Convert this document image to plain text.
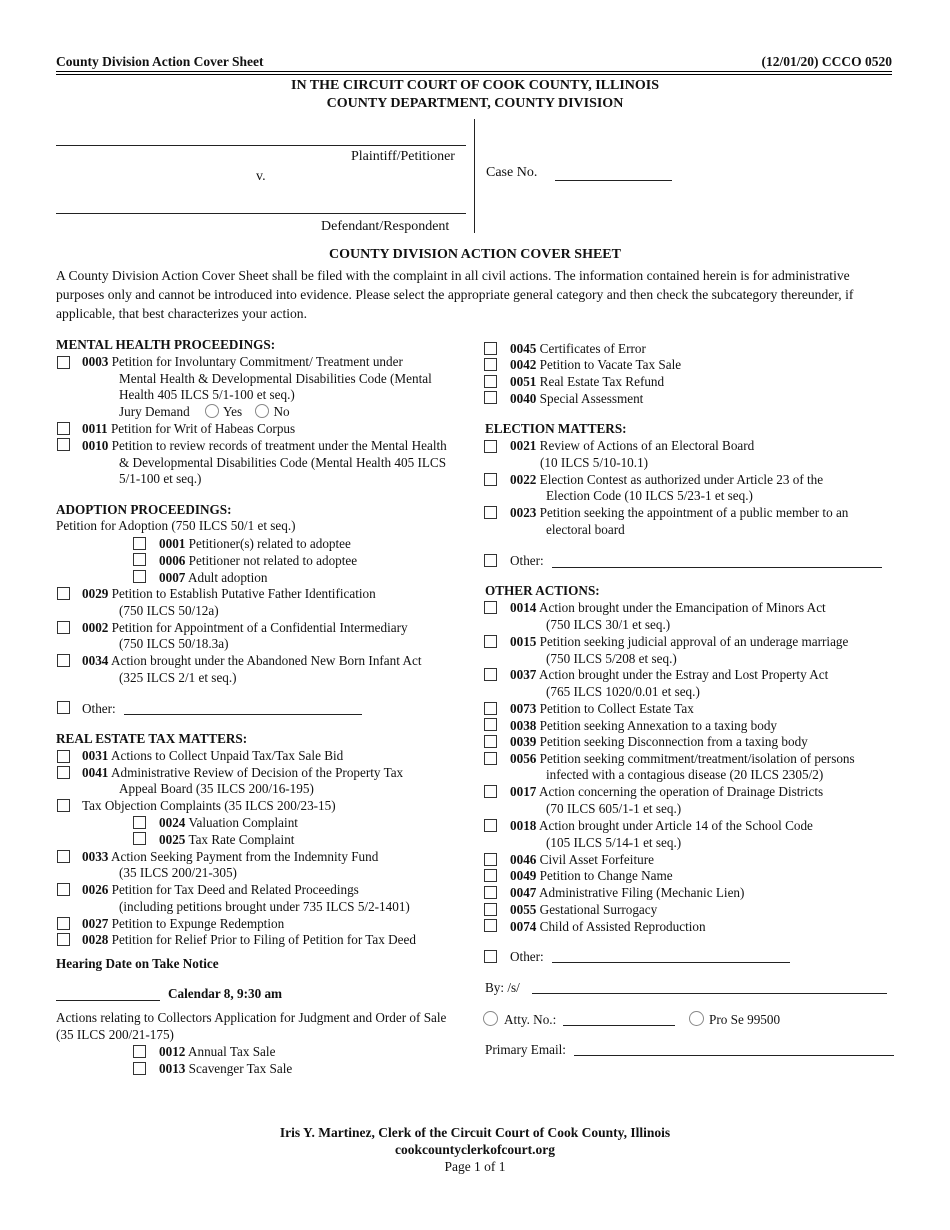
County Division Action Cover Sheet	(12/01/20) CCCO 0520
IN THE CIRCUIT COURT OF COOK COUNTY, ILLINOIS
COUNTY DEPARTMENT, COUNTY DIVISION
Plaintiff/Petitioner
v.
Defendant/Respondent
Case No.
COUNTY DIVISION ACTION COVER SHEET
A County Division Action Cover Sheet shall be filed with the complaint in all civil actions. The information contained herein is for administrative purposes only and cannot be introduced into evidence. Please select the appropriate general category and then check the subcategory thereunder, if applicable, that best characterizes your action.
MENTAL HEALTH PROCEEDINGS:
0003 Petition for Involuntary Commitment/ Treatment under
Mental Health & Developmental Disabilities Code (Mental
Health 405 ILCS 5/1-100 et seq.)
Jury Demand	Yes No
0011 Petition for Writ of Habeas Corpus
0010 Petition to review records of treatment under the Mental Health
& Developmental Disabilities Code (Mental Health 405 ILCS
5/1-100 et seq.)
ADOPTION PROCEEDINGS:
Petition for Adoption (750 ILCS 50/1 et seq.)
0001 Petitioner(s) related to adoptee
0006 Petitioner not related to adoptee
0007 Adult adoption
0029 Petition to Establish Putative Father Identification
(750 ILCS 50/12a)
0002 Petition for Appointment of a Confidential Intermediary
(750 ILCS 50/18.3a)
0034 Action brought under the Abandoned New Born Infant Act
(325 ILCS 2/1 et seq.)
Other:
REAL ESTATE TAX MATTERS:
0031 Actions to Collect Unpaid Tax/Tax Sale Bid
0041 Administrative Review of Decision of the Property Tax
Appeal Board (35 ILCS 200/16-195)
Tax Objection Complaints (35 ILCS 200/23-15)
0024 Valuation Complaint
0025 Tax Rate Complaint
0033 Action Seeking Payment from the Indemnity Fund
(35 ILCS 200/21-305)
0026 Petition for Tax Deed and Related Proceedings
(including petitions brought under 735 ILCS 5/2-1401)
0027 Petition to Expunge Redemption
0028 Petition for Relief Prior to Filing of Petition for Tax Deed
Hearing Date on Take Notice
Calendar 8, 9:30 am
Actions relating to Collectors Application for Judgment and Order of Sale
(35 ILCS 200/21-175)
0012 Annual Tax Sale
0013 Scavenger Tax Sale
0045 Certificates of Error
0042 Petition to Vacate Tax Sale
0051 Real Estate Tax Refund
0040 Special Assessment
ELECTION MATTERS:
0021 Review of Actions of an Electoral Board
(10 ILCS 5/10-10.1)
0022 Election Contest as authorized under Article 23 of the
Election Code (10 ILCS 5/23-1 et seq.)
0023 Petition seeking the appointment of a public member to an
electoral board
Other:
OTHER ACTIONS:
0014 Action brought under the Emancipation of Minors Act
(750 ILCS 30/1 et seq.)
0015 Petition seeking judicial approval of an underage marriage
(750 ILCS 5/208 et seq.)
0037 Action brought under the Estray and Lost Property Act
(765 ILCS 1020/0.01 et seq.)
0073 Petition to Collect Estate Tax
0038 Petition seeking Annexation to a taxing body
0039 Petition seeking Disconnection from a taxing body
0056 Petition seeking commitment/treatment/isolation of persons
infected with a contagious disease (20 ILCS 2305/2)
0017 Action concerning the operation of Drainage Districts
(70 ILCS 605/1-1 et seq.)
0018 Action brought under Article 14 of the School Code
(105 ILCS 5/14-1 et seq.)
0046 Civil Asset Forfeiture
0049 Petition to Change Name
0047 Administrative Filing (Mechanic Lien)
0055 Gestational Surrogacy
0074 Child of Assisted Reproduction
Other:
By: /s/
Atty. No.:	Pro Se 99500
Primary Email:
Iris Y. Martinez, Clerk of the Circuit Court of Cook County, Illinois
cookcountyclerkofcourt.org
Page 1 of 1
